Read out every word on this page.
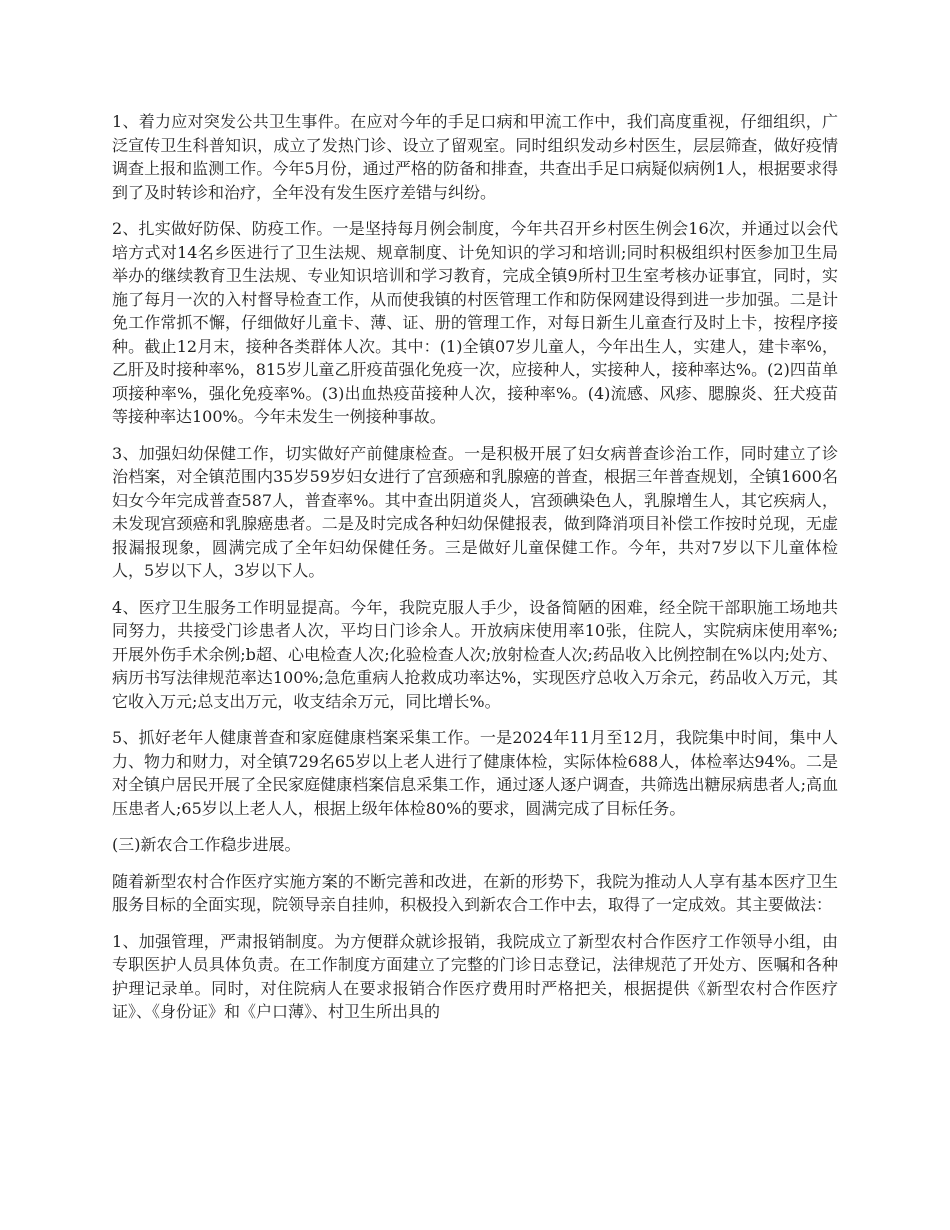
1、着力应对突发公共卫生事件。在应对今年的手足口病和甲流工作中，我们高度重视，仔细组织，广泛宣传卫生科普知识，成立了发热门诊、设立了留观室。同时组织发动乡村医生，层层筛查，做好疫情调查上报和监测工作。今年5月份，通过严格的防备和排查，共查出手足口病疑似病例1人，根据要求得到了及时转诊和治疗，全年没有发生医疗差错与纠纷。

2、扎实做好防保、防疫工作。一是坚持每月例会制度，今年共召开乡村医生例会16次，并通过以会代培方式对14名乡医进行了卫生法规、规章制度、计免知识的学习和培训;同时积极组织村医参加卫生局举办的继续教育卫生法规、专业知识培训和学习教育，完成全镇9所村卫生室考核办证事宜，同时，实施了每月一次的入村督导检查工作，从而使我镇的村医管理工作和防保网建设得到进一步加强。二是计免工作常抓不懈，仔细做好儿童卡、薄、证、册的管理工作，对每日新生儿童查行及时上卡，按程序接种。截止12月末，接种各类群体人次。其中：(1)全镇07岁儿童人，今年出生人，实建人，建卡率%，乙肝及时接种率%，815岁儿童乙肝疫苗强化免疫一次，应接种人，实接种人，接种率达%。(2)四苗单项接种率%，强化免疫率%。(3)出血热疫苗接种人次，接种率%。(4)流感、风疹、腮腺炎、狂犬疫苗等接种率达100%。今年未发生一例接种事故。

3、加强妇幼保健工作，切实做好产前健康检查。一是积极开展了妇女病普查诊治工作，同时建立了诊治档案，对全镇范围内35岁59岁妇女进行了宫颈癌和乳腺癌的普查，根据三年普查规划，全镇1600名妇女今年完成普查587人，普查率%。其中查出阴道炎人，宫颈碘染色人，乳腺增生人，其它疾病人，未发现宫颈癌和乳腺癌患者。二是及时完成各种妇幼保健报表，做到降消项目补偿工作按时兑现，无虚报漏报现象，圆满完成了全年妇幼保健任务。三是做好儿童保健工作。今年，共对7岁以下儿童体检人，5岁以下人，3岁以下人。

4、医疗卫生服务工作明显提高。今年，我院克服人手少，设备简陋的困难，经全院干部职施工场地共同努力，共接受门诊患者人次，平均日门诊余人。开放病床使用率10张，住院人，实院病床使用率%;开展外伤手术余例;b超、心电检查人次;化验检查人次;放射检查人次;药品收入比例控制在%以内;处方、病历书写法律规范率达100%;急危重病人抢救成功率达%，实现医疗总收入万余元，药品收入万元，其它收入万元;总支出万元，收支结余万元，同比增长%。

5、抓好老年人健康普查和家庭健康档案采集工作。一是2024年11月至12月，我院集中时间，集中人力、物力和财力，对全镇729名65岁以上老人进行了健康体检，实际体检688人，体检率达94%。二是对全镇户居民开展了全民家庭健康档案信息采集工作，通过逐人逐户调查，共筛选出糖尿病患者人;高血压患者人;65岁以上老人人，根据上级年体检80%的要求，圆满完成了目标任务。

(三)新农合工作稳步进展。

随着新型农村合作医疗实施方案的不断完善和改进，在新的形势下，我院为推动人人享有基本医疗卫生服务目标的全面实现，院领导亲自挂帅，积极投入到新农合工作中去，取得了一定成效。其主要做法：

1、加强管理，严肃报销制度。为方便群众就诊报销，我院成立了新型农村合作医疗工作领导小组，由专职医护人员具体负责。在工作制度方面建立了完整的门诊日志登记，法律规范了开处方、医嘱和各种护理记录单。同时，对住院病人在要求报销合作医疗费用时严格把关，根据提供《新型农村合作医疗证》、《身份证》和《户口薄》、村卫生所出具的
